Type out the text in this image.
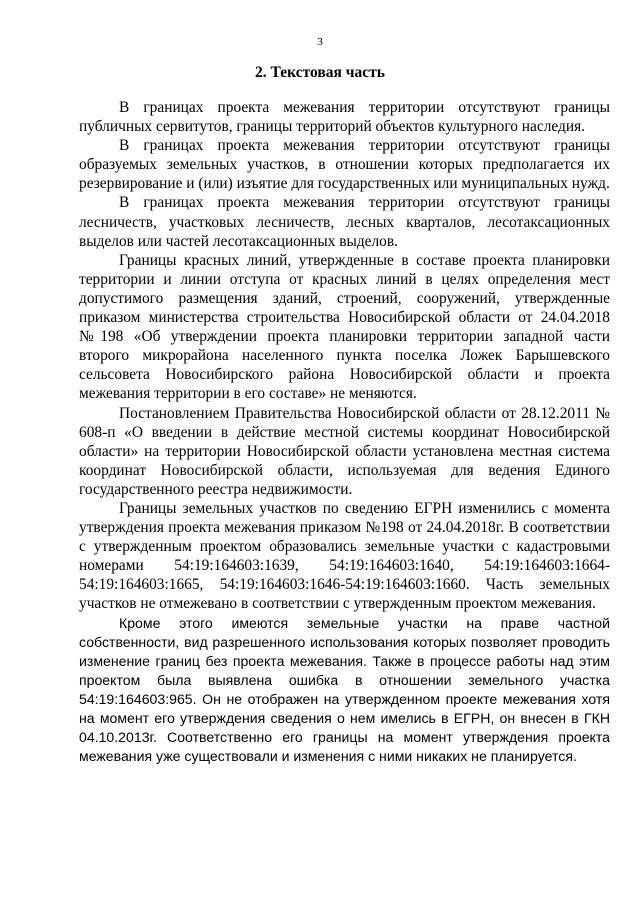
3
2. Текстовая часть

В границах проекта межевания территории отсутствуют границы публичных сервитутов, границы территорий объектов культурного наследия.

В границах проекта межевания территории отсутствуют границы образуемых земельных участков, в отношении которых предполагается их резервирование и (или) изъятие для государственных или муниципальных нужд.

В границах проекта межевания территории отсутствуют границы лесничеств, участковых лесничеств, лесных кварталов, лесотаксационных выделов или частей лесотаксационных выделов.

Границы красных линий, утвержденные в составе проекта планировки территории и линии отступа от красных линий в целях определения мест допустимого размещения зданий, строений, сооружений, утвержденные приказом министерства строительства Новосибирской области от 24.04.2018 №198 «Об утверждении проекта планировки территории западной части второго микрорайона населенного пункта поселка Ложек Барышевского сельсовета Новосибирского района Новосибирской области и проекта межевания территории в его составе» не меняются.

Постановлением Правительства Новосибирской области от 28.12.2011 № 608-п «О введении в действие местной системы координат Новосибирской области» на территории Новосибирской области установлена местная система координат Новосибирской области, используемая для ведения Единого государственного реестра недвижимости.

Границы земельных участков по сведению ЕГРН изменились с момента утверждения проекта межевания приказом №198 от 24.04.2018г. В соответствии с утвержденным проектом образовались земельные участки с кадастровыми номерами 54:19:164603:1639, 54:19:164603:1640, 54:19:164603:1664-54:19:164603:1665, 54:19:164603:1646-54:19:164603:1660. Часть земельных участков не отмежевано в соответствии с утвержденным проектом межевания.

Кроме этого имеются земельные участки на праве частной собственности, вид разрешенного использования которых позволяет проводить изменение границ без проекта межевания. Также в процессе работы над этим проектом была выявлена ошибка в отношении земельного участка 54:19:164603:965. Он не отображен на утвержденном проекте межевания хотя на момент его утверждения сведения о нем имелись в ЕГРН, он внесен в ГКН 04.10.2013г. Соответственно его границы на момент утверждения проекта межевания уже существовали и изменения с ними никаких не планируется.
